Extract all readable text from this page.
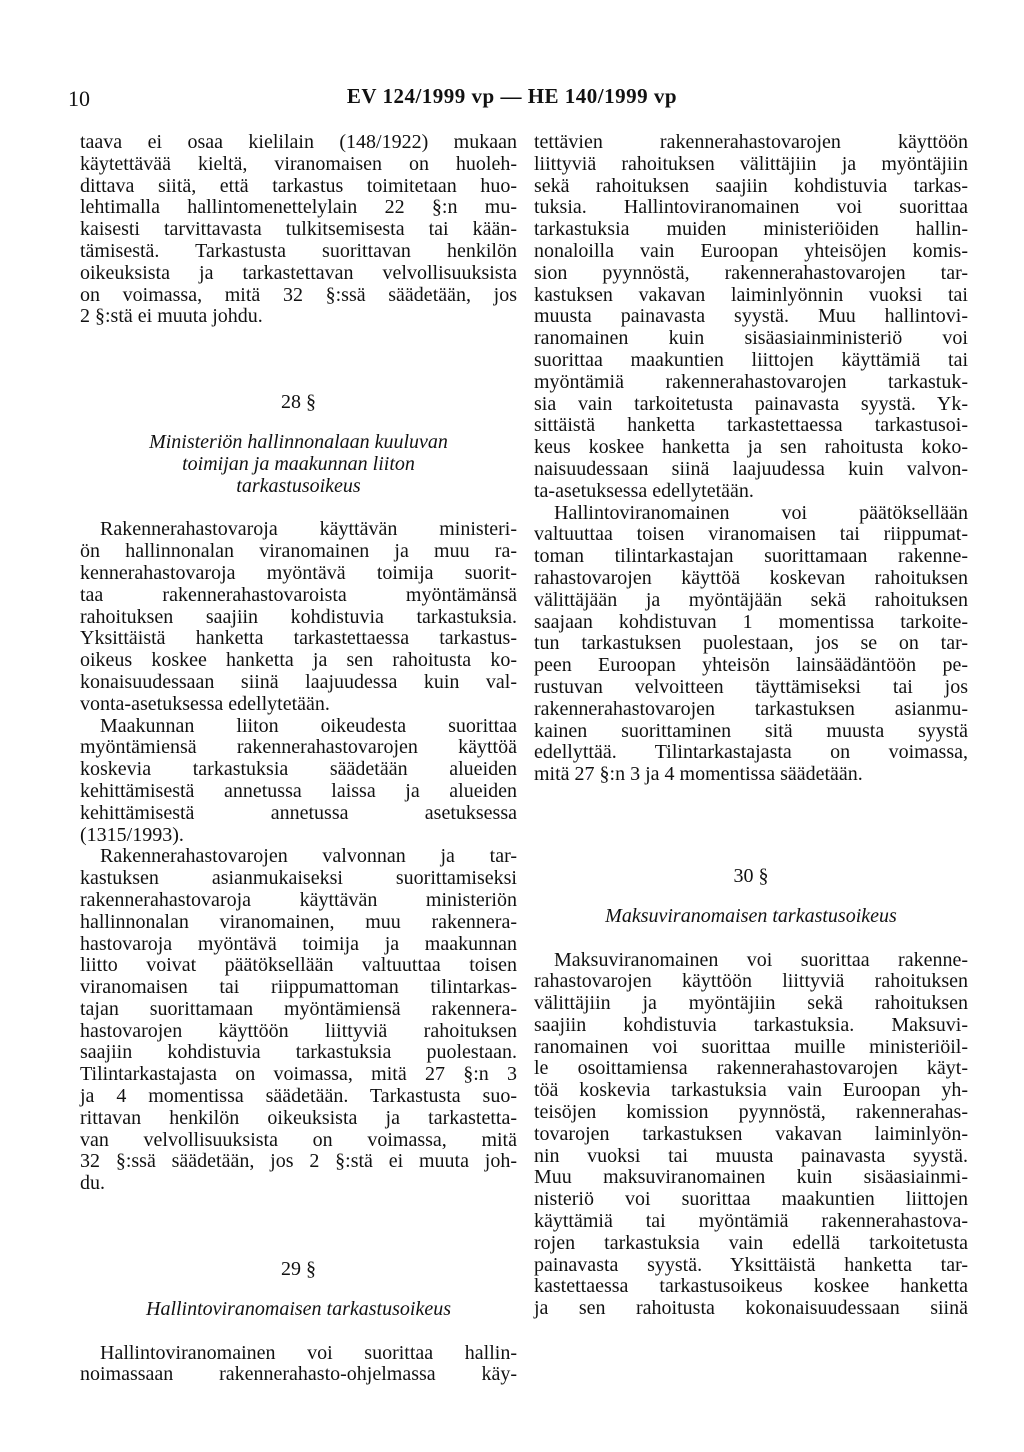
10	EV 124/1999 vp — HE 140/1999 vp
taava ei osaa kielilain (148/1922) mukaan
käytettävää kieltä, viranomaisen on huoleh-
dittava siitä, että tarkastus toimitetaan huo-
lehtimalla hallintomenettelylain 22 §:n mu-
kaisesti tarvittavasta tulkitsemisesta tai kään-
tämisestä. Tarkastusta suorittavan henkilön
oikeuksista ja tarkastettavan velvollisuuksista
on voimassa, mitä 32 §:ssä säädetään, jos
2 §:stä ei muuta johdu.
28 §
Ministeriön hallinnonalaan kuuluvan
toimijan ja maakunnan liiton
tarkastusoikeus
Rakennerahastovaroja käyttävän ministeri-
ön hallinnonalan viranomainen ja muu ra-
kennerahastovaroja myöntävä toimija suorit-
taa rakennerahastovaroista myöntämänsä
rahoituksen saajiin kohdistuvia tarkastuksia.
Yksittäistä hanketta tarkastettaessa tarkastus-
oikeus koskee hanketta ja sen rahoitusta ko-
konaisuudessaan siinä laajuudessa kuin val-
vonta-asetuksessa edellytetään.
Maakunnan liiton oikeudesta suorittaa
myöntämiensä rakennerahastovarojen käyttöä
koskevia tarkastuksia säädetään alueiden
kehittämisestä annetussa laissa ja alueiden
kehittämisestä annetussa asetuksessa
(1315/1993).
Rakennerahastovarojen valvonnan ja tar-
kastuksen asianmukaiseksi suorittamiseksi
rakennerahastovaroja käyttävän ministeriön
hallinnonalan viranomainen, muu rakennera-
hastovaroja myöntävä toimija ja maakunnan
liitto voivat päätöksellään valtuuttaa toisen
viranomaisen tai riippumattoman tilintarkas-
tajan suorittamaan myöntämiensä rakennera-
hastovarojen käyttöön liittyviä rahoituksen
saajiin kohdistuvia tarkastuksia puolestaan.
Tilintarkastajasta on voimassa, mitä 27 §:n 3
ja 4 momentissa säädetään. Tarkastusta suo-
rittavan henkilön oikeuksista ja tarkastetta-
van velvollisuuksista on voimassa, mitä
32 §:ssä säädetään, jos 2 §:stä ei muuta joh-
du.
29 §
Hallintoviranomaisen tarkastusoikeus
Hallintoviranomainen voi suorittaa hallin-
noimassaan rakennerahasto-ohjelmassa käy-
tettävien rakennerahastovarojen käyttöön
liittyviä rahoituksen välittäjiin ja myöntäjiin
sekä rahoituksen saajiin kohdistuvia tarkas-
tuksia. Hallintoviranomainen voi suorittaa
tarkastuksia muiden ministeriöiden hallin-
nonaloilla vain Euroopan yhteisöjen komis-
sion pyynnöstä, rakennerahastovarojen tar-
kastuksen vakavan laiminlyönnin vuoksi tai
muusta painavasta syystä. Muu hallintovi-
ranomainen kuin sisäasiainministeriö voi
suorittaa maakuntien liittojen käyttämiä tai
myöntämiä rakennerahastovarojen tarkastuk-
sia vain tarkoitetusta painavasta syystä. Yk-
sittäistä hanketta tarkastettaessa tarkastusoi-
keus koskee hanketta ja sen rahoitusta koko-
naisuudessaan siinä laajuudessa kuin valvon-
ta-asetuksessa edellytetään.
Hallintoviranomainen voi päätöksellään
valtuuttaa toisen viranomaisen tai riippumat-
toman tilintarkastajan suorittamaan rakenne-
rahastovarojen käyttöä koskevan rahoituksen
välittäjään ja myöntäjään sekä rahoituksen
saajaan kohdistuvan 1 momentissa tarkoite-
tun tarkastuksen puolestaan, jos se on tar-
peen Euroopan yhteisön lainsäädäntöön pe-
rustuvan velvoitteen täyttämiseksi tai jos
rakennerahastovarojen tarkastuksen asianmu-
kainen suorittaminen sitä muusta syystä
edellyttää. Tilintarkastajasta on voimassa,
mitä 27 §:n 3 ja 4 momentissa säädetään.
30 §
Maksuviranomaisen tarkastusoikeus
Maksuviranomainen voi suorittaa rakenne-
rahastovarojen käyttöön liittyviä rahoituksen
välittäjiin ja myöntäjiin sekä rahoituksen
saajiin kohdistuvia tarkastuksia. Maksuvi-
ranomainen voi suorittaa muille ministeriöil-
le osoittamiensa rakennerahastovarojen käyt-
töä koskevia tarkastuksia vain Euroopan yh-
teisöjen komission pyynnöstä, rakennerahas-
tovarojen tarkastuksen vakavan laiminlyön-
nin vuoksi tai muusta painavasta syystä.
Muu maksuviranomainen kuin sisäasiainmi-
nisteriö voi suorittaa maakuntien liittojen
käyttämiä tai myöntämiä rakennerahastova-
rojen tarkastuksia vain edellä tarkoitetusta
painavasta syystä. Yksittäistä hanketta tar-
kastettaessa tarkastusoikeus koskee hanketta
ja sen rahoitusta kokonaisuudessaan siinä
